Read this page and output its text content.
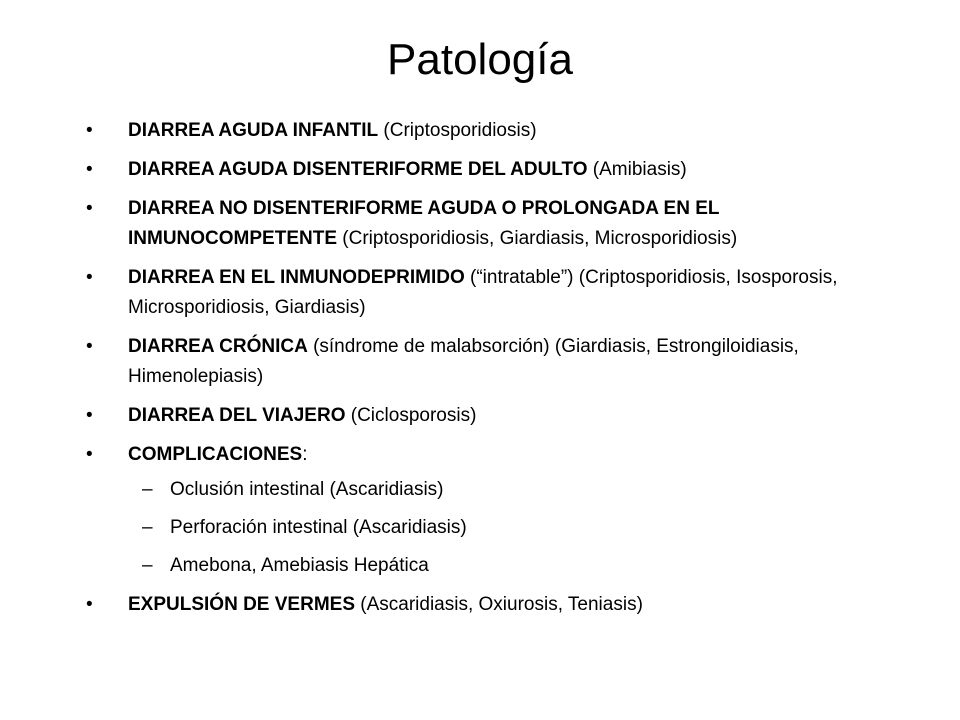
Patología
•	DIARREA AGUDA INFANTIL (Criptosporidiosis)
•	DIARREA AGUDA DISENTERIFORME DEL ADULTO (Amibiasis)
•	DIARREA NO DISENTERIFORME AGUDA O PROLONGADA EN EL INMUNOCOMPETENTE (Criptosporidiosis, Giardiasis, Microsporidiosis)
•	DIARREA EN EL INMUNODEPRIMIDO (“intratable”) (Criptosporidiosis, Isosporosis, Microsporidiosis, Giardiasis)
•	DIARREA CRÓNICA (síndrome de malabsorción) (Giardiasis, Estrongiloidiasis, Himenolepiasis)
•	DIARREA DEL VIAJERO (Ciclosporosis)
•	COMPLICACIONES:
– Oclusión intestinal (Ascaridiasis)
– Perforación intestinal (Ascaridiasis)
– Amebona, Amebiasis Hepática
•	EXPULSIÓN DE VERMES (Ascaridiasis, Oxiurosis, Teniasis)
